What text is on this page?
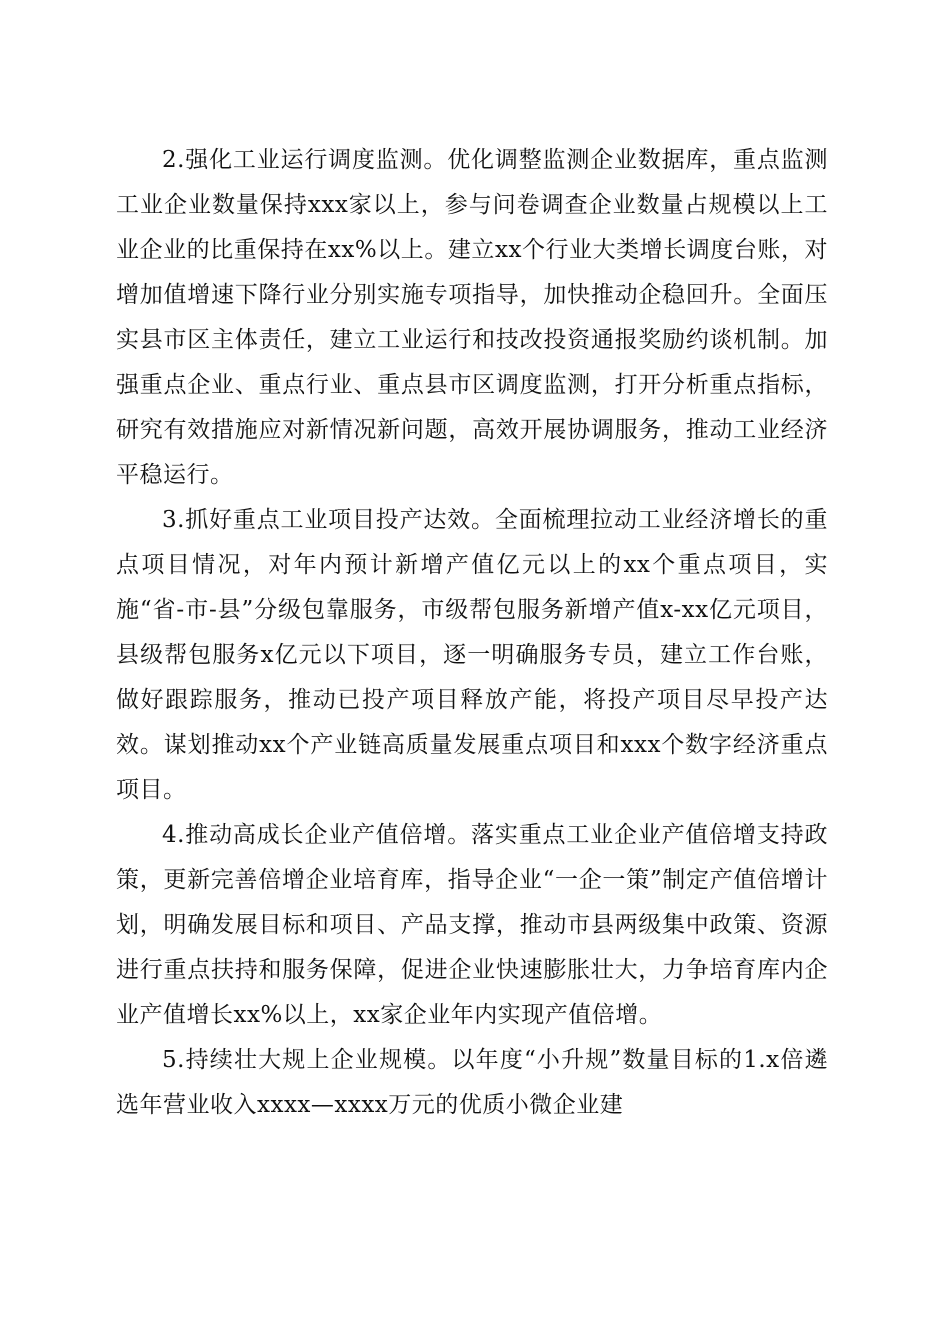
2.强化工业运行调度监测。优化调整监测企业数据库，重点监测工业企业数量保持xxx家以上，参与问卷调查企业数量占规模以上工业企业的比重保持在xx%以上。建立xx个行业大类增长调度台账，对增加值增速下降行业分别实施专项指导，加快推动企稳回升。全面压实县市区主体责任，建立工业运行和技改投资通报奖励约谈机制。加强重点企业、重点行业、重点县市区调度监测，打开分析重点指标，研究有效措施应对新情况新问题，高效开展协调服务，推动工业经济平稳运行。

3.抓好重点工业项目投产达效。全面梳理拉动工业经济增长的重点项目情况，对年内预计新增产值亿元以上的xx个重点项目，实施“省-市-县”分级包靠服务，市级帮包服务新增产值x-xx亿元项目，县级帮包服务x亿元以下项目，逐一明确服务专员，建立工作台账，做好跟踪服务，推动已投产项目释放产能，将投产项目尽早投产达效。谋划推动xx个产业链高质量发展重点项目和xxx个数字经济重点项目。

4.推动高成长企业产值倍增。落实重点工业企业产值倍增支持政策，更新完善倍增企业培育库，指导企业“一企一策”制定产值倍增计划，明确发展目标和项目、产品支撑，推动市县两级集中政策、资源进行重点扶持和服务保障，促进企业快速膨胀壮大，力争培育库内企业产值增长xx%以上，xx家企业年内实现产值倍增。

5.持续壮大规上企业规模。以年度“小升规”数量目标的1.x倍遴选年营业收入xxxx—xxxx万元的优质小微企业建
